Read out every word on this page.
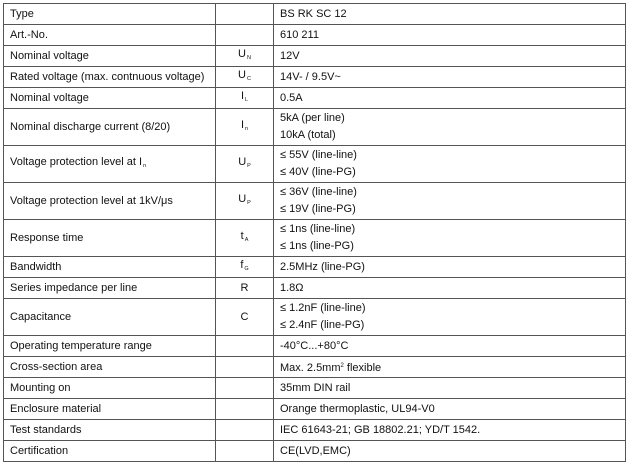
Type		BS RK SC 12
Art.-No.		610 211
Nominal voltage	UN	12V
Rated voltage (max. contnuous voltage)	UC	14V- / 9.5V~
Nominal voltage	IL	0.5A
Nominal discharge current (8/20)	In	5kA (per line)
10kA (total)

Voltage protection level at In	UP	≤ 55V (line-line)
≤ 40V (line-PG)

Voltage protection level at 1kV/μs	UP	≤ 36V (line-line)
≤ 19V (line-PG)

Response time	tA	≤ 1ns (line-line)
≤ 1ns (line-PG)

Bandwidth	fG	2.5MHz (line-PG)
Series impedance per line	R	1.8Ω
Capacitance	C	≤ 1.2nF (line-line)
≤ 2.4nF (line-PG)

Operating temperature range		-40°C...+80°C
Cross-section area		Max. $2.5mm^2$ flexible
Mounting on		35mm DIN rail
Enclosure material		Orange thermoplastic, UL94-V0
Test standards		IEC 61643-21; GB 18802.21; YD/T 1542.
Certification		CE(LVD,EMC)
